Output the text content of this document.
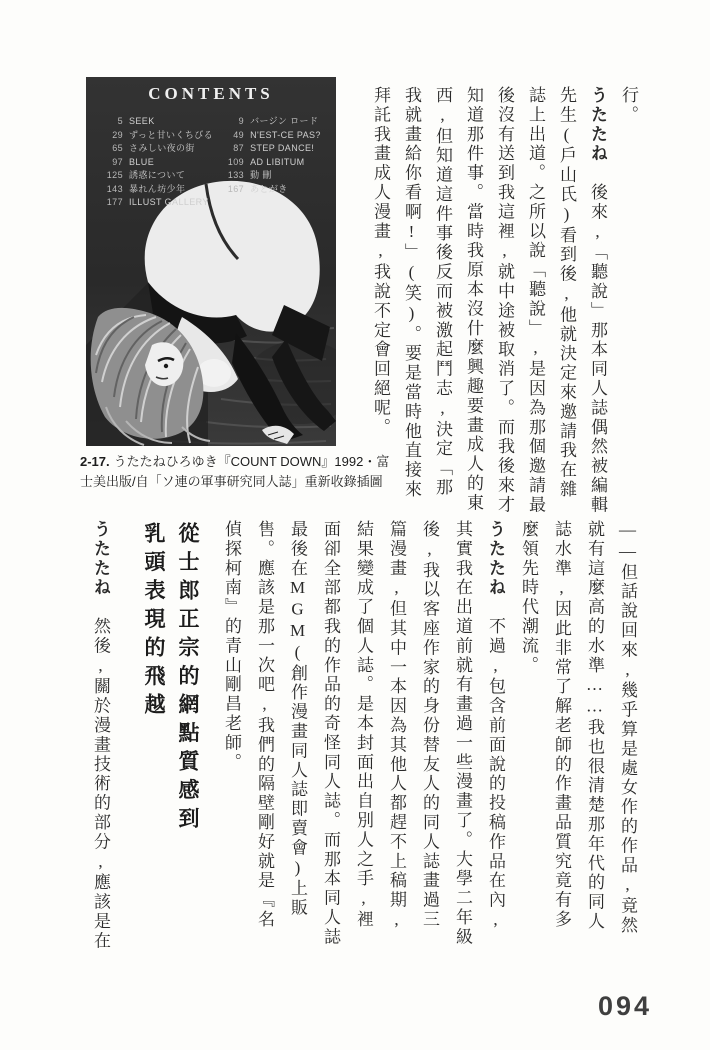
CONTENTS
5 SEEK
29 ずっと甘いくちびる
65 さみしい夜の街
97 BLUE
125 誘惑について
143 暴れん坊少年
177 ILLUST GALLERY
9 バージン ロード
49 N'EST-CE PAS?
87 STEP DANCE!
109 AD LIBITUM
133 動 刪
167 あとがき
2-17. うたたねひろゆき『COUNT DOWN』1992・富士美出版/自「ソ連の軍事研究同人誌」重新收錄插圖

行。

うたたね　後來,「聽說」那本同人誌偶然被編輯先生(戶山氏)看到後,他就決定來邀請我在雜誌上出道。之所以說「聽說」,是因為那個邀請最後沒有送到我這裡,就中途被取消了。而我後來才知道那件事。當時我原本沒什麼興趣要畫成人的東西,但知道這件事後反而被激起鬥志,決定「那我就畫給你看啊!」(笑)。要是當時他直接來拜託我畫成人漫畫,我說不定會回絕呢。

——但話說回來,幾乎算是處女作的作品,竟然就有這麼高的水準……我也很清楚那年代的同人誌水準,因此非常了解老師的作畫品質究竟有多麼領先時代潮流。

うたたね　不過,包含前面說的投稿作品在內,其實我在出道前就有畫過一些漫畫了。大學二年級後,我以客座作家的身份替友人的同人誌畫過三篇漫畫,但其中一本因為其他人都趕不上稿期,結果變成了個人誌。是本封面出自別人之手,裡面卻全部都我的作品的奇怪同人誌。而那本同人誌最後在MGM(創作漫畫同人誌即賣會)上販售。應該是那一次吧,我們的隔壁剛好就是『名偵探柯南』的青山剛昌老師。

從士郎正宗的網點質感到

乳頭表現的飛越

うたたね　然後,關於漫畫技術的部分,應該是在

094
